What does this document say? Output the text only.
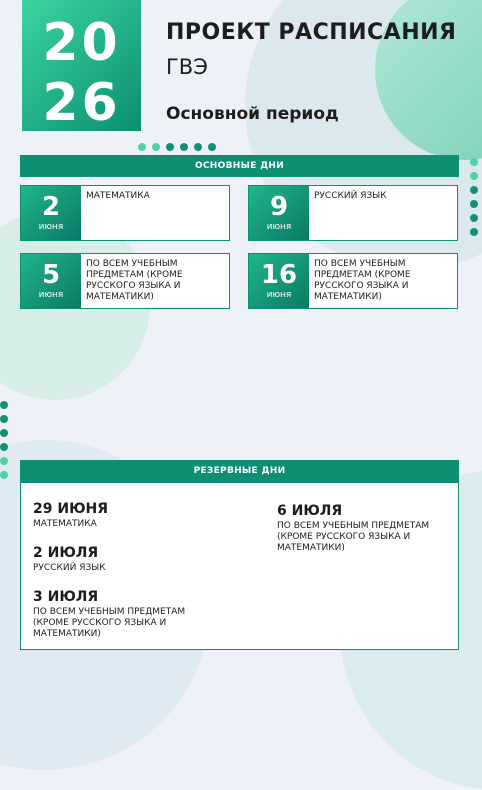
20
26
ПРОЕКТ РАСПИСАНИЯ
ГВЭ
Основной период
ОСНОВНЫЕ ДНИ
2
июня
МАТЕМАТИКА	9
июня
РУССКИЙ ЯЗЫК
5
июня
ПО ВСЕМ УЧЕБНЫМ ПРЕДМЕТАМ (КРОМЕ РУССКОГО ЯЗЫКА И МАТЕМАТИКИ)
16
июня
ПО ВСЕМ УЧЕБНЫМ ПРЕДМЕТАМ (КРОМЕ РУССКОГО ЯЗЫКА И МАТЕМАТИКИ)
РЕЗЕРВНЫЕ ДНИ
29 ИЮНЯ
МАТЕМАТИКА
2 ИЮЛЯ
РУССКИЙ ЯЗЫК
3 ИЮЛЯ
ПО ВСЕМ УЧЕБНЫМ ПРЕДМЕТАМ (КРОМЕ РУССКОГО ЯЗЫКА И МАТЕМАТИКИ)
6 ИЮЛЯ
ПО ВСЕМ УЧЕБНЫМ ПРЕДМЕТАМ (КРОМЕ РУССКОГО ЯЗЫКА И МАТЕМАТИКИ)
